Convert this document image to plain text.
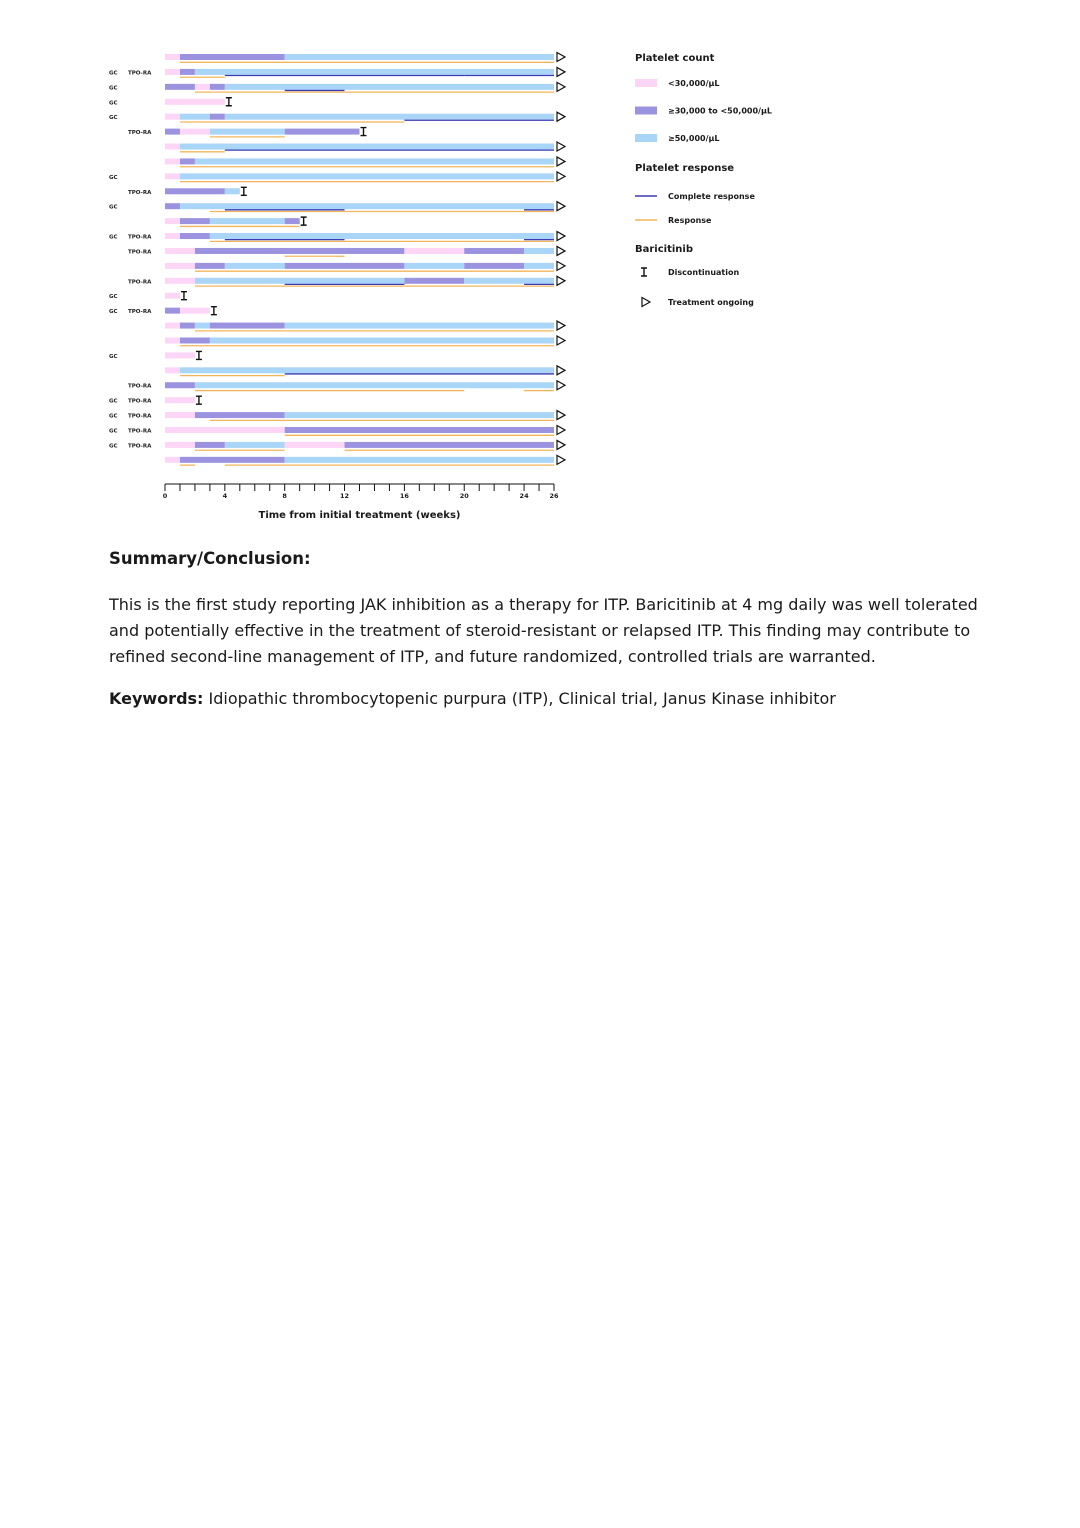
GC TPO-RA
GC
GC
GC
TPO-RA
GC
TPO-RA
GC
GC TPO-RA
TPO-RA
TPO-RA
GC
GC TPO-RA
GC
TPO-RA
GC TPO-RA
GC TPO-RA
GC TPO-RA
GC TPO-RA
0	4	8	12	16	20	24	26
Time from initial treatment (weeks)
Platelet count
<30,000/µL
≥30,000 to <50,000/µL
≥50,000/µL
Platelet response
Complete response
Response
Baricitinib
Discontinuation
Treatment ongoing
Summary/Conclusion:

This is the first study reporting JAK inhibition as a therapy for ITP. Baricitinib at 4 mg daily was well tolerated and potentially effective in the treatment of steroid-resistant or relapsed ITP. This finding may contribute to refined second-line management of ITP, and future randomized, controlled trials are warranted.

Keywords: Idiopathic thrombocytopenic purpura (ITP), Clinical trial, Janus Kinase inhibitor
